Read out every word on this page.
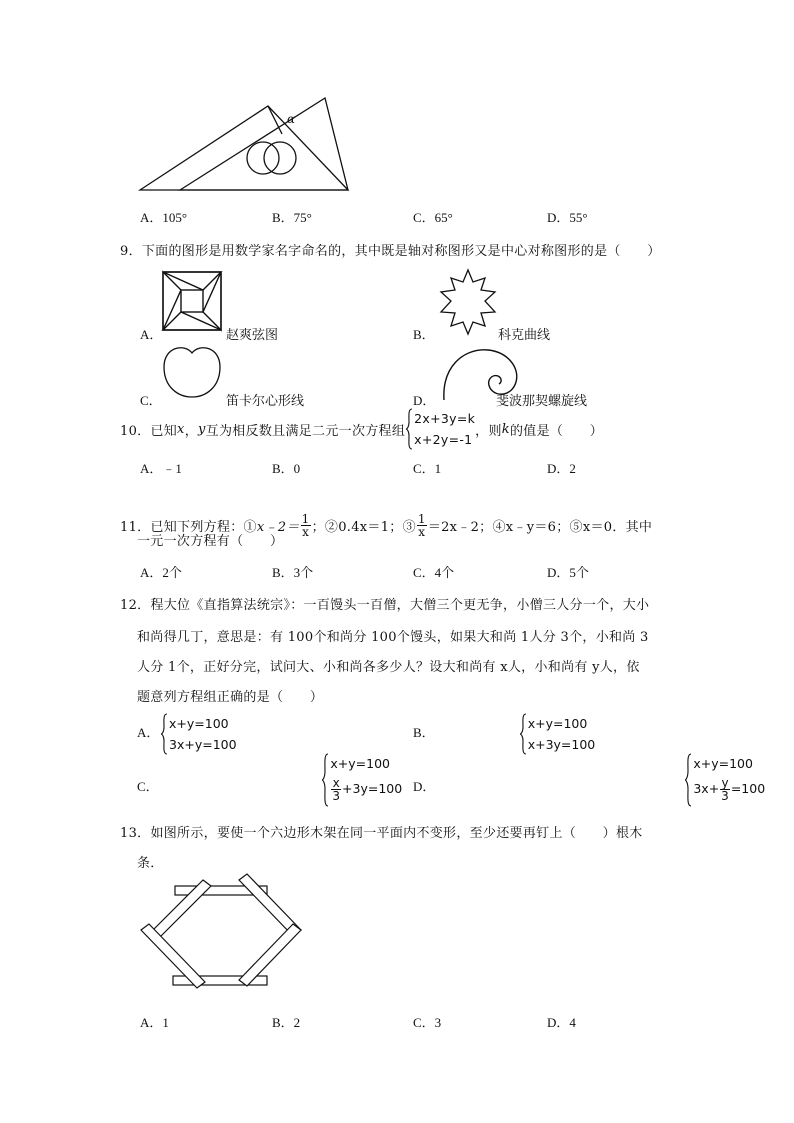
α
A．105°	B．75°	C．65°	D．55°
9．下面的图形是用数学家名字命名的，其中既是轴对称图形又是中心对称图形的是（　　）
A．	赵爽弦图	B．	科克曲线
C．	笛卡尔心形线	D．	斐波那契螺旋线
10．已知 x ， y 互为相反数且满足二元一次方程组
2x+3y=k
x+2y=-1
，则 k 的值是（　　）
A．﹣1	B．0	C．1	D．2
11．已知下列方程：① x﹣2＝ $\frac{1}{x}$ ；②0.4x＝1；③ $\frac{1}{x}$ ＝2x﹣2；④x﹣y＝6；⑤x＝0．其中
一元一次方程有（　　）
A．2个	B．3个	C．4个	D．5个
12．程大位《直指算法统宗》：一百馒头一百僧，大僧三个更无争，小僧三人分一个，大小
和尚得几丁，意思是：有 100个和尚分 100个馒头，如果大和尚 1人分 3个，小和尚 3
人分 1个，正好分完，试问大、小和尚各多少人？设大和尚有 x人，小和尚有 y人，依
题意列方程组正确的是（　　）
A．
x+y=100
3x+y=100

B．
x+y=100
x+3y=100

C．
x+y=100
$\frac{x}{3} +3y=100$
D．
x+y=100
$3x+ \frac{y}{3} =100$
13．如图所示，要使一个六边形木架在同一平面内不变形，至少还要再钉上（　　）根木
条．
A．1	B．2	C．3	D．4
